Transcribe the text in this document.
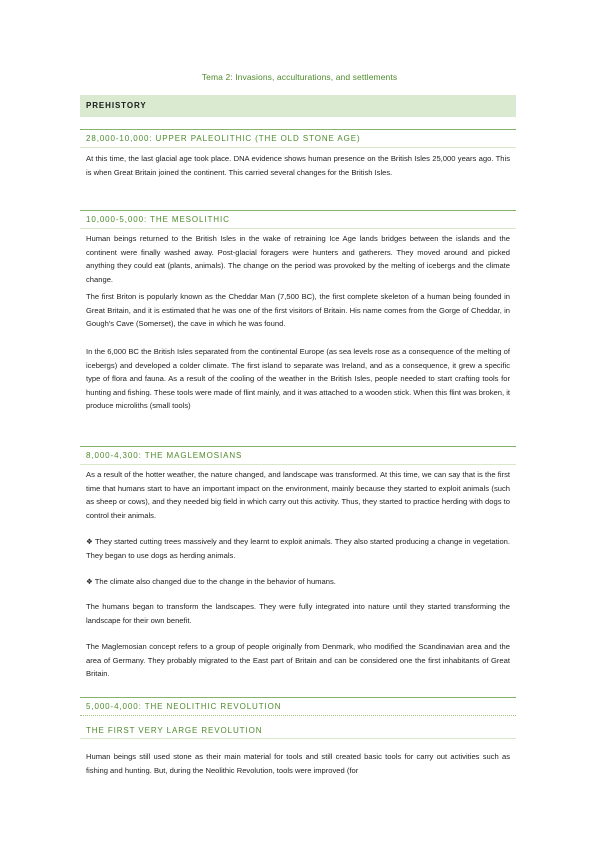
Tema 2: Invasions, acculturations, and settlements
PREHISTORY
28,000-10,000: UPPER PALEOLITHIC (THE OLD STONE AGE)

At this time, the last glacial age took place. DNA evidence shows human presence on the British Isles 25,000 years ago. This is when Great Britain joined the continent. This carried several changes for the British Isles.

10,000-5,000: THE MESOLITHIC

Human beings returned to the British Isles in the wake of retraining Ice Age lands bridges between the islands and the continent were finally washed away. Post-glacial foragers were hunters and gatherers. They moved around and picked anything they could eat (plants, animals). The change on the period was provoked by the melting of icebergs and the climate change.

The first Briton is popularly known as the Cheddar Man (7,500 BC), the first complete skeleton of a human being founded in Great Britain, and it is estimated that he was one of the first visitors of Britain. His name comes from the Gorge of Cheddar, in Gough's Cave (Somerset), the cave in which he was found.

In the 6,000 BC the British Isles separated from the continental Europe (as sea levels rose as a consequence of the melting of icebergs) and developed a colder climate. The first island to separate was Ireland, and as a consequence, it grew a specific type of flora and fauna. As a result of the cooling of the weather in the British Isles, people needed to start crafting tools for hunting and fishing. These tools were made of flint mainly, and it was attached to a wooden stick. When this flint was broken, it produce microliths (small tools)

8,000-4,300: THE MAGLEMOSIANS

As a result of the hotter weather, the nature changed, and landscape was transformed. At this time, we can say that is the first time that humans start to have an important impact on the environment, mainly because they started to exploit animals (such as sheep or cows), and they needed big field in which carry out this activity. Thus, they started to practice herding with dogs to control their animals.

❖ They started cutting trees massively and they learnt to exploit animals. They also started producing a change in vegetation. They began to use dogs as herding animals.

❖ The climate also changed due to the change in the behavior of humans.

The humans began to transform the landscapes. They were fully integrated into nature until they started transforming the landscape for their own benefit.

The Maglemosian concept refers to a group of people originally from Denmark, who modified the Scandinavian area and the area of Germany. They probably migrated to the East part of Britain and can be considered one the first inhabitants of Great Britain.

5,000-4,000: THE NEOLITHIC REVOLUTION
THE FIRST VERY LARGE REVOLUTION

Human beings still used stone as their main material for tools and still created basic tools for carry out activities such as fishing and hunting. But, during the Neolithic Revolution, tools were improved (for
